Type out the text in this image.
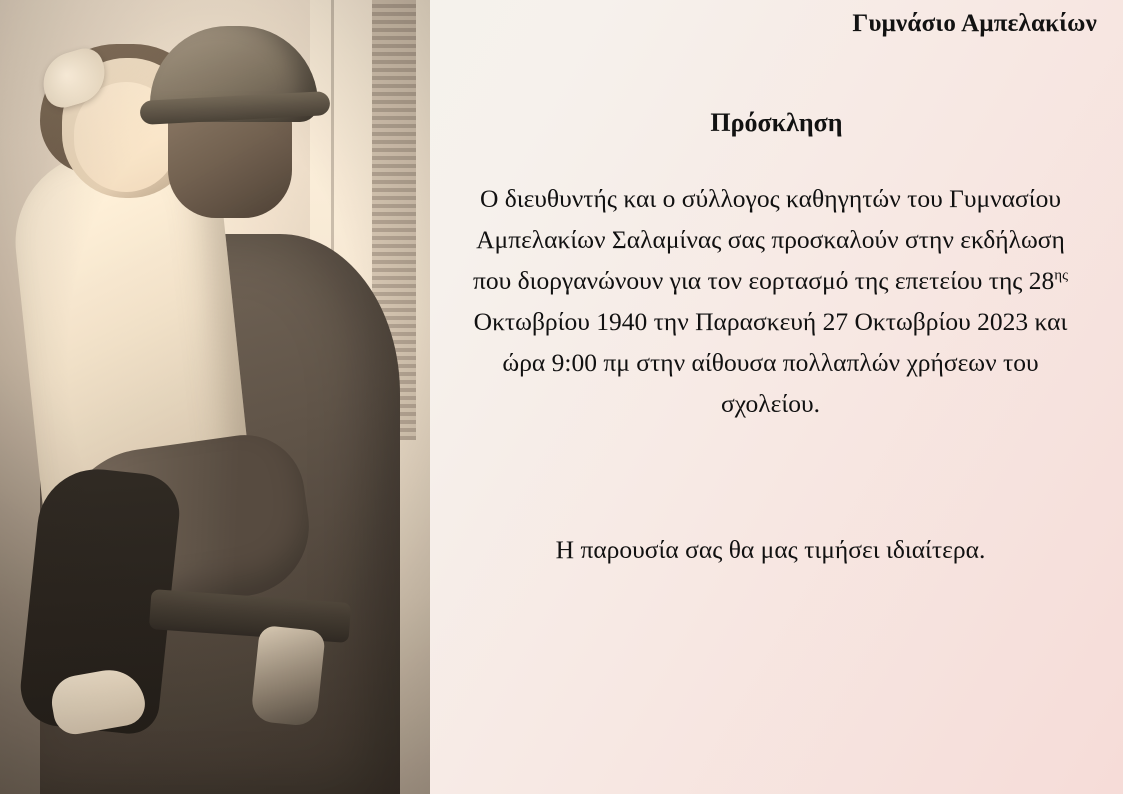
Γυμνάσιο Αμπελακίων
Πρόσκληση
Ο διευθυντής και ο σύλλογος καθηγητών του Γυμνασίου Αμπελακίων Σαλαμίνας σας προσκαλούν στην εκδήλωση που διοργανώνουν για τον εορτασμό της επετείου της $28^{\eta\varsigma}$ Οκτωβρίου 1940 την Παρασκευή 27 Οκτωβρίου 2023 και ώρα 9:00 πμ στην αίθουσα πολλαπλών χρήσεων του σχολείου.
Η παρουσία σας θα μας τιμήσει ιδιαίτερα.
